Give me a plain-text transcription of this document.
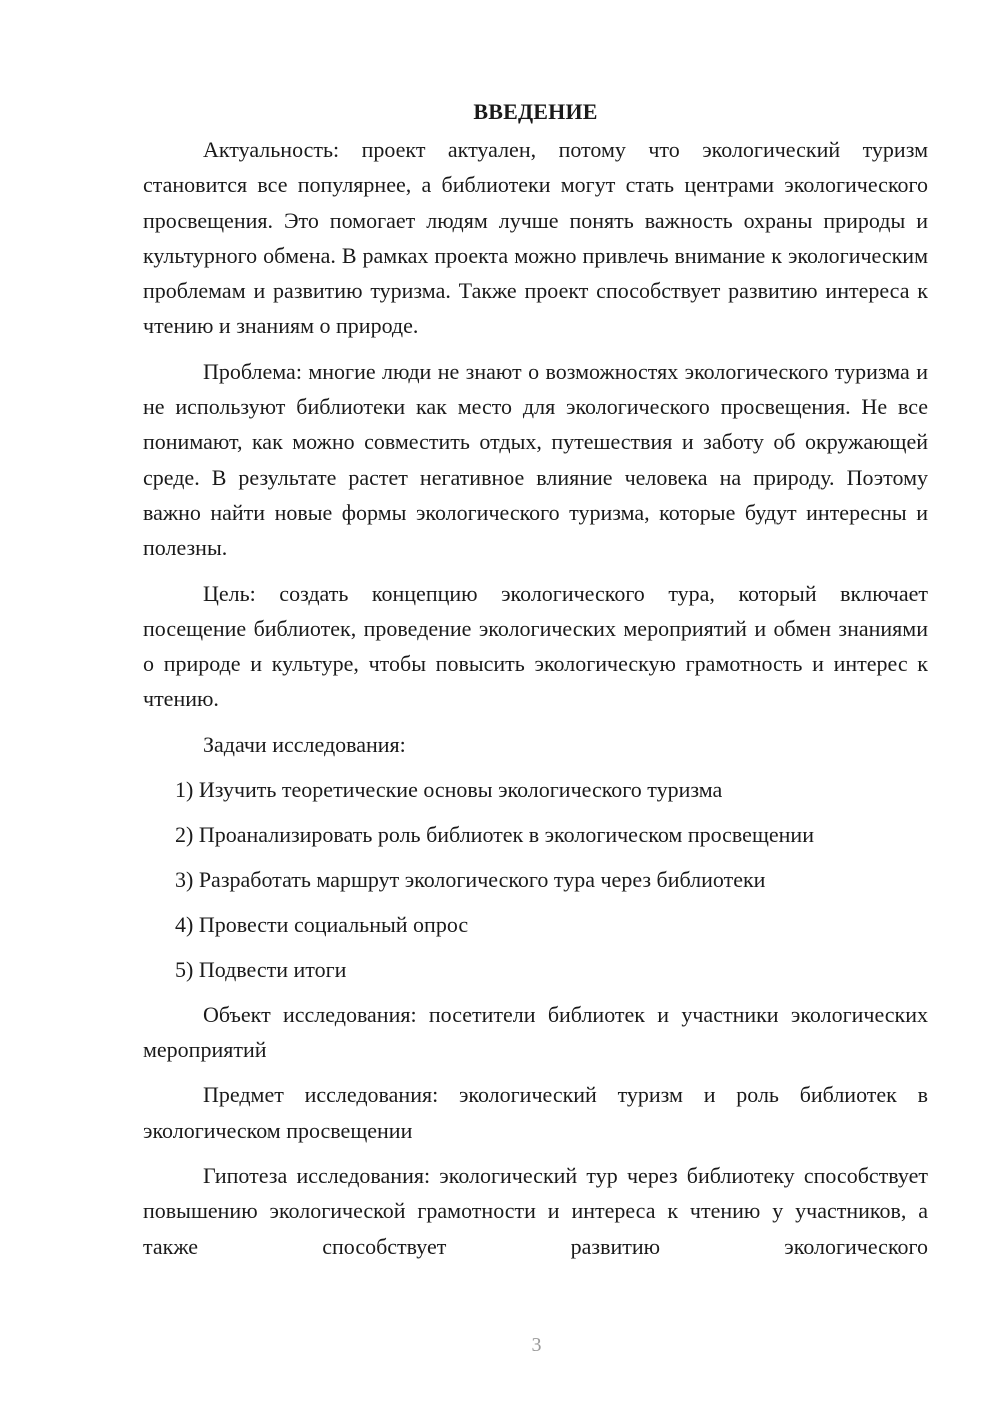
ВВЕДЕНИЕ

Актуальность: проект актуален, потому что экологический туризм становится все популярнее, а библиотеки могут стать центрами экологического просвещения. Это помогает людям лучше понять важность охраны природы и культурного обмена. В рамках проекта можно привлечь внимание к экологическим проблемам и развитию туризма. Также проект способствует развитию интереса к чтению и знаниям о природе.

Проблема: многие люди не знают о возможностях экологического туризма и не используют библиотеки как место для экологического просвещения. Не все понимают, как можно совместить отдых, путешествия и заботу об окружающей среде. В результате растет негативное влияние человека на природу. Поэтому важно найти новые формы экологического туризма, которые будут интересны и полезны.

Цель: создать концепцию экологического тура, который включает посещение библиотек, проведение экологических мероприятий и обмен знаниями о природе и культуре, чтобы повысить экологическую грамотность и интерес к чтению.

Задачи исследования:
1) Изучить теоретические основы экологического туризма
2) Проанализировать роль библиотек в экологическом просвещении
3) Разработать маршрут экологического тура через библиотеки
4) Провести социальный опрос
5) Подвести итоги

Объект исследования: посетители библиотек и участники экологических мероприятий

Предмет исследования: экологический туризм и роль библиотек в экологическом просвещении

Гипотеза исследования: экологический тур через библиотеку способствует повышению экологической грамотности и интереса к чтению у участников, а также способствует развитию экологического

3
